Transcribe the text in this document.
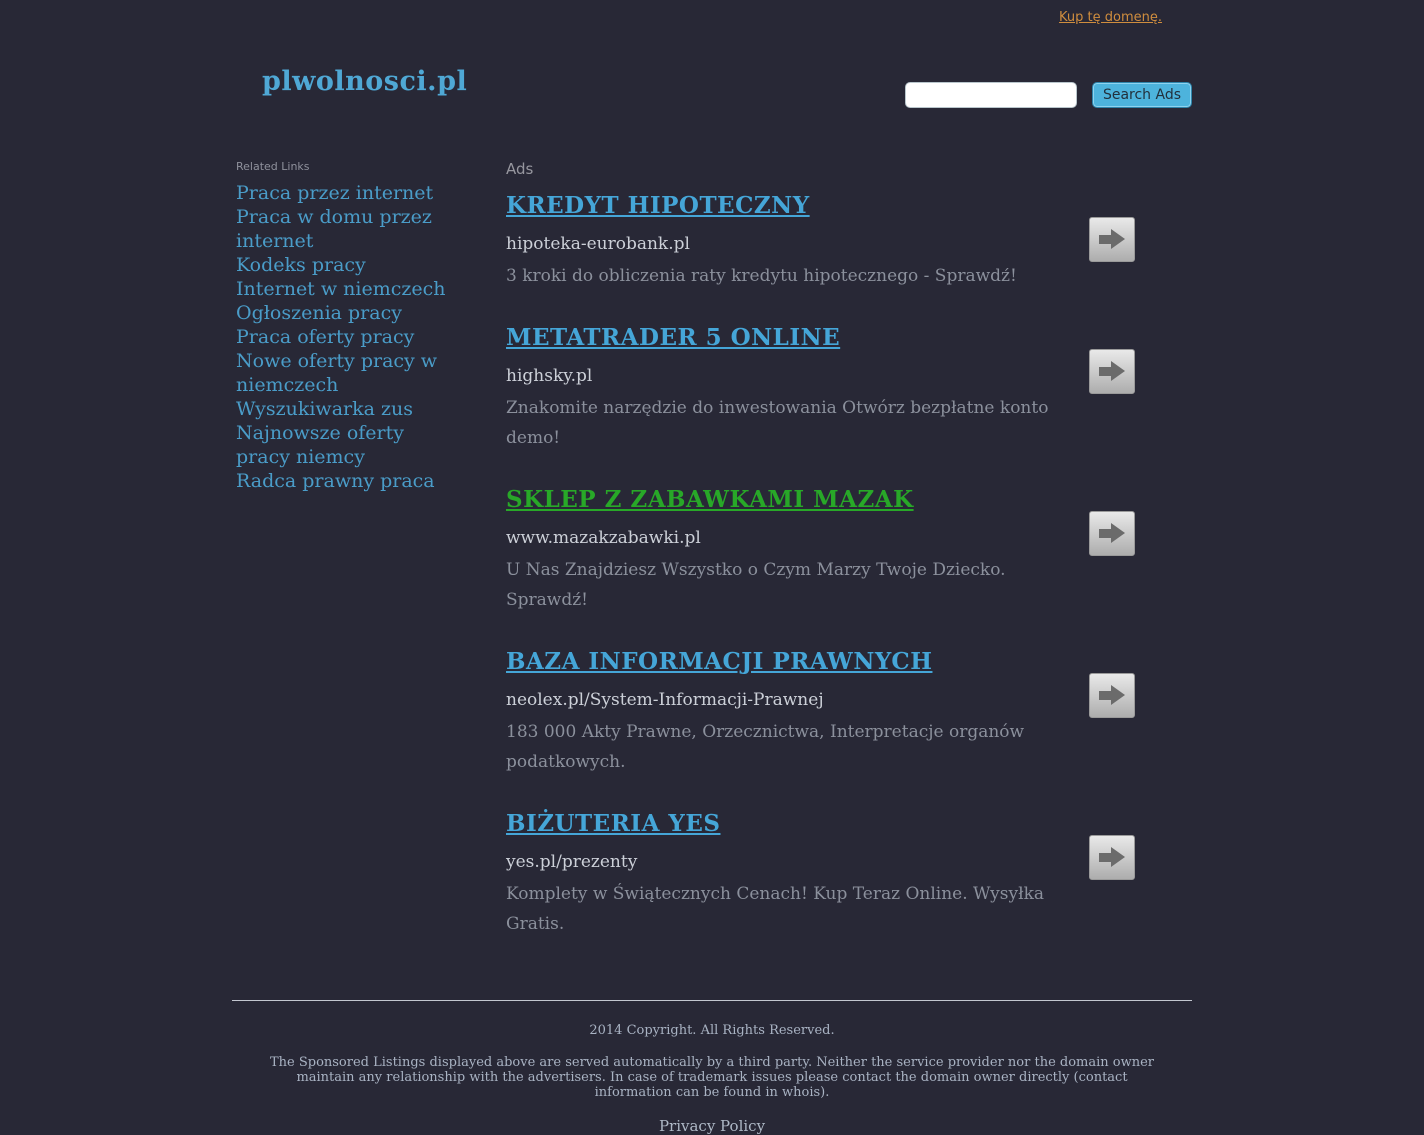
Kup tę domenę.
plwolnosci.pl	Search Ads
Related Links
Praca przez internet
Praca w domu przez internet
Kodeks pracy
Internet w niemczech
Ogłoszenia pracy
Praca oferty pracy
Nowe oferty pracy w niemczech
Wyszukiwarka zus
Najnowsze oferty pracy niemcy
Radca prawny praca
Ads
KREDYT HIPOTECZNY
hipoteka-eurobank.pl

3 kroki do obliczenia raty kredytu hipotecznego - Sprawdź!

METATRADER 5 ONLINE
highsky.pl

Znakomite narzędzie do inwestowania Otwórz bezpłatne konto demo!

SKLEP Z ZABAWKAMI MAZAK
www.mazakzabawki.pl

U Nas Znajdziesz Wszystko o Czym Marzy Twoje Dziecko. Sprawdź!

BAZA INFORMACJI PRAWNYCH
neolex.pl/System-Informacji-Prawnej

183 000 Akty Prawne, Orzecznictwa, Interpretacje organów podatkowych.

BIŻUTERIA YES
yes.pl/prezenty

Komplety w Świątecznych Cenach! Kup Teraz Online. Wysyłka Gratis.

2014 Copyright. All Rights Reserved.
The Sponsored Listings displayed above are served automatically by a third party. Neither the service provider nor the domain owner maintain any relationship with the advertisers. In case of trademark issues please contact the domain owner directly (contact information can be found in whois).
Privacy Policy
